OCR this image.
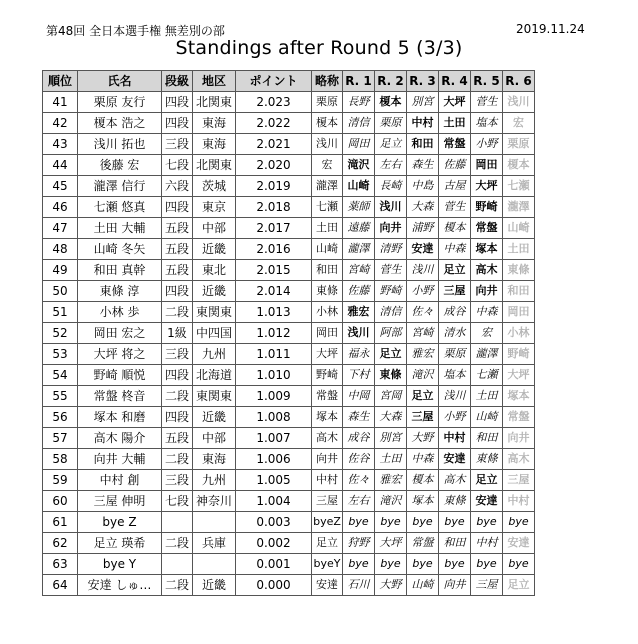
第48回 全日本選手権 無差別の部	2019.11.24
Standings after Round 5 (3/3)
順位	氏名	段級	地区	ポイント	略称	R. 1	R. 2	R. 3	R. 4	R. 5	R. 6
41	栗原 友行	四段	北関東	2.023	栗原	長野	榎本	別宮	大坪	菅生	浅川
42	榎本 浩之	四段	東海	2.022	榎本	清信	栗原	中村	土田	塩本	宏
43	浅川 拓也	三段	東海	2.021	浅川	岡田	足立	和田	常盤	小野	栗原
44	後藤 宏	七段	北関東	2.020	宏	滝沢	左右	森生	佐藤	岡田	榎本
45	瀧澤 信行	六段	茨城	2.019	瀧澤	山崎	長崎	中島	古屋	大坪	七瀬
46	七瀬 悠真	四段	東京	2.018	七瀬	薬師	浅川	大森	菅生	野崎	瀧澤
47	土田 大輔	五段	中部	2.017	土田	遠藤	向井	浦野	榎本	常盤	山崎
48	山崎 冬矢	五段	近畿	2.016	山崎	瀧澤	清野	安達	中森	塚本	土田
49	和田 真幹	五段	東北	2.015	和田	宮崎	菅生	浅川	足立	高木	東條
50	東條 淳	四段	近畿	2.014	東條	佐藤	野崎	小野	三屋	向井	和田
51	小林 歩	二段	東関東	1.013	小林	雅宏	清信	佐々	成谷	中森	岡田
52	岡田 宏之	1級	中四国	1.012	岡田	浅川	阿部	宮崎	清水	宏	小林
53	大坪 将之	三段	九州	1.011	大坪	福永	足立	雅宏	栗原	瀧澤	野崎
54	野崎 順悦	四段	北海道	1.010	野崎	下村	東條	滝沢	塩本	七瀬	大坪
55	常盤 柊音	二段	東関東	1.009	常盤	中岡	宮岡	足立	浅川	土田	塚本
56	塚本 和磨	四段	近畿	1.008	塚本	森生	大森	三屋	小野	山崎	常盤
57	高木 陽介	五段	中部	1.007	高木	成谷	別宮	大野	中村	和田	向井
58	向井 大輔	二段	東海	1.006	向井	佐谷	土田	中森	安達	東條	高木
59	中村 創	三段	九州	1.005	中村	佐々	雅宏	榎本	高木	足立	三屋
60	三屋 伸明	七段	神奈川	1.004	三屋	左右	滝沢	塚本	東條	安達	中村
61	bye Z			0.003	byeZ	bye	bye	bye	bye	bye	bye
62	足立 瑛希	二段	兵庫	0.002	足立	狩野	大坪	常盤	和田	中村	安達
63	bye Y			0.001	byeY	bye	bye	bye	bye	bye	bye
64	安達 しゅ…	二段	近畿	0.000	安達	石川	大野	山崎	向井	三屋	足立
